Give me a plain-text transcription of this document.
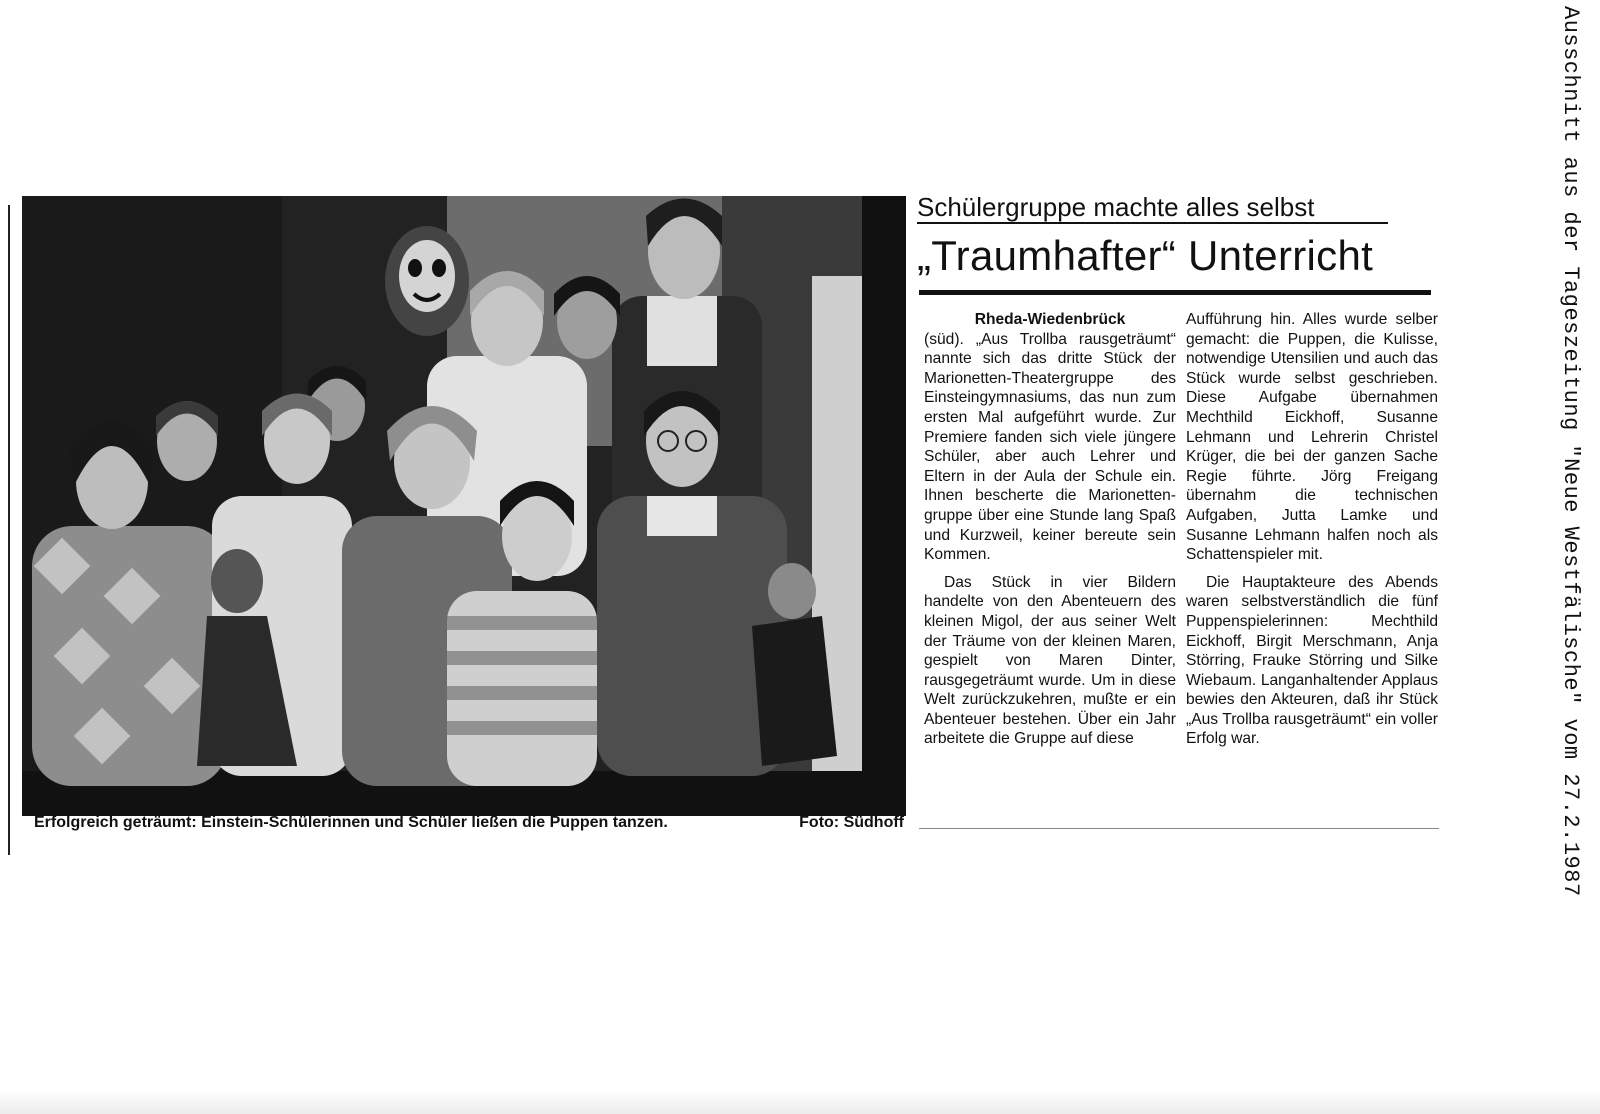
Ausschnitt aus der Tageszeitung "Neue Westfälische" vom 27.2.1987
Erfolgreich geträumt: Einstein-Schülerinnen und Schüler ließen die Puppen tanzen.	Foto: Südhoff
Schülergruppe machte alles selbst
„Traumhafter“ Unterricht
Rheda-Wiedenbrück

(süd). „Aus Trollba rausgeträumt“ nannte sich das dritte Stück der Marionetten-Theatergruppe des Einsteingymnasiums, das nun zum ersten Mal aufgeführt wurde. Zur Premiere fanden sich viele jüngere Schüler, aber auch Lehrer und Eltern in der Aula der Schule ein. Ihnen bescherte die Marionettengruppe über eine Stunde lang Spaß und Kurzweil, keiner bereute sein Kommen.

Das Stück in vier Bildern handelte von den Abenteuern des kleinen Migol, der aus seiner Welt der Träume von der kleinen Maren, gespielt von Maren Dinter, rausgegeträumt wurde. Um in diese Welt zurückzukehren, mußte er ein Abenteuer bestehen. Über ein Jahr arbeitete die Gruppe auf diese

Aufführung hin. Alles wurde selber gemacht: die Puppen, die Kulisse, notwendige Utensilien und auch das Stück wurde selbst geschrieben. Diese Aufgabe übernahmen Mechthild Eickhoff, Susanne Lehmann und Lehrerin Christel Krüger, die bei der ganzen Sache Regie führte. Jörg Freigang übernahm die technischen Aufgaben, Jutta Lamke und Susanne Lehmann halfen noch als Schattenspieler mit.

Die Hauptakteure des Abends waren selbstverständlich die fünf Puppenspielerinnen: Mechthild Eickhoff, Birgit Merschmann, Anja Störring, Frauke Störring und Silke Wiebaum. Langanhaltender Applaus bewies den Akteuren, daß ihr Stück „Aus Trollba rausgeträumt“ ein voller Erfolg war.
